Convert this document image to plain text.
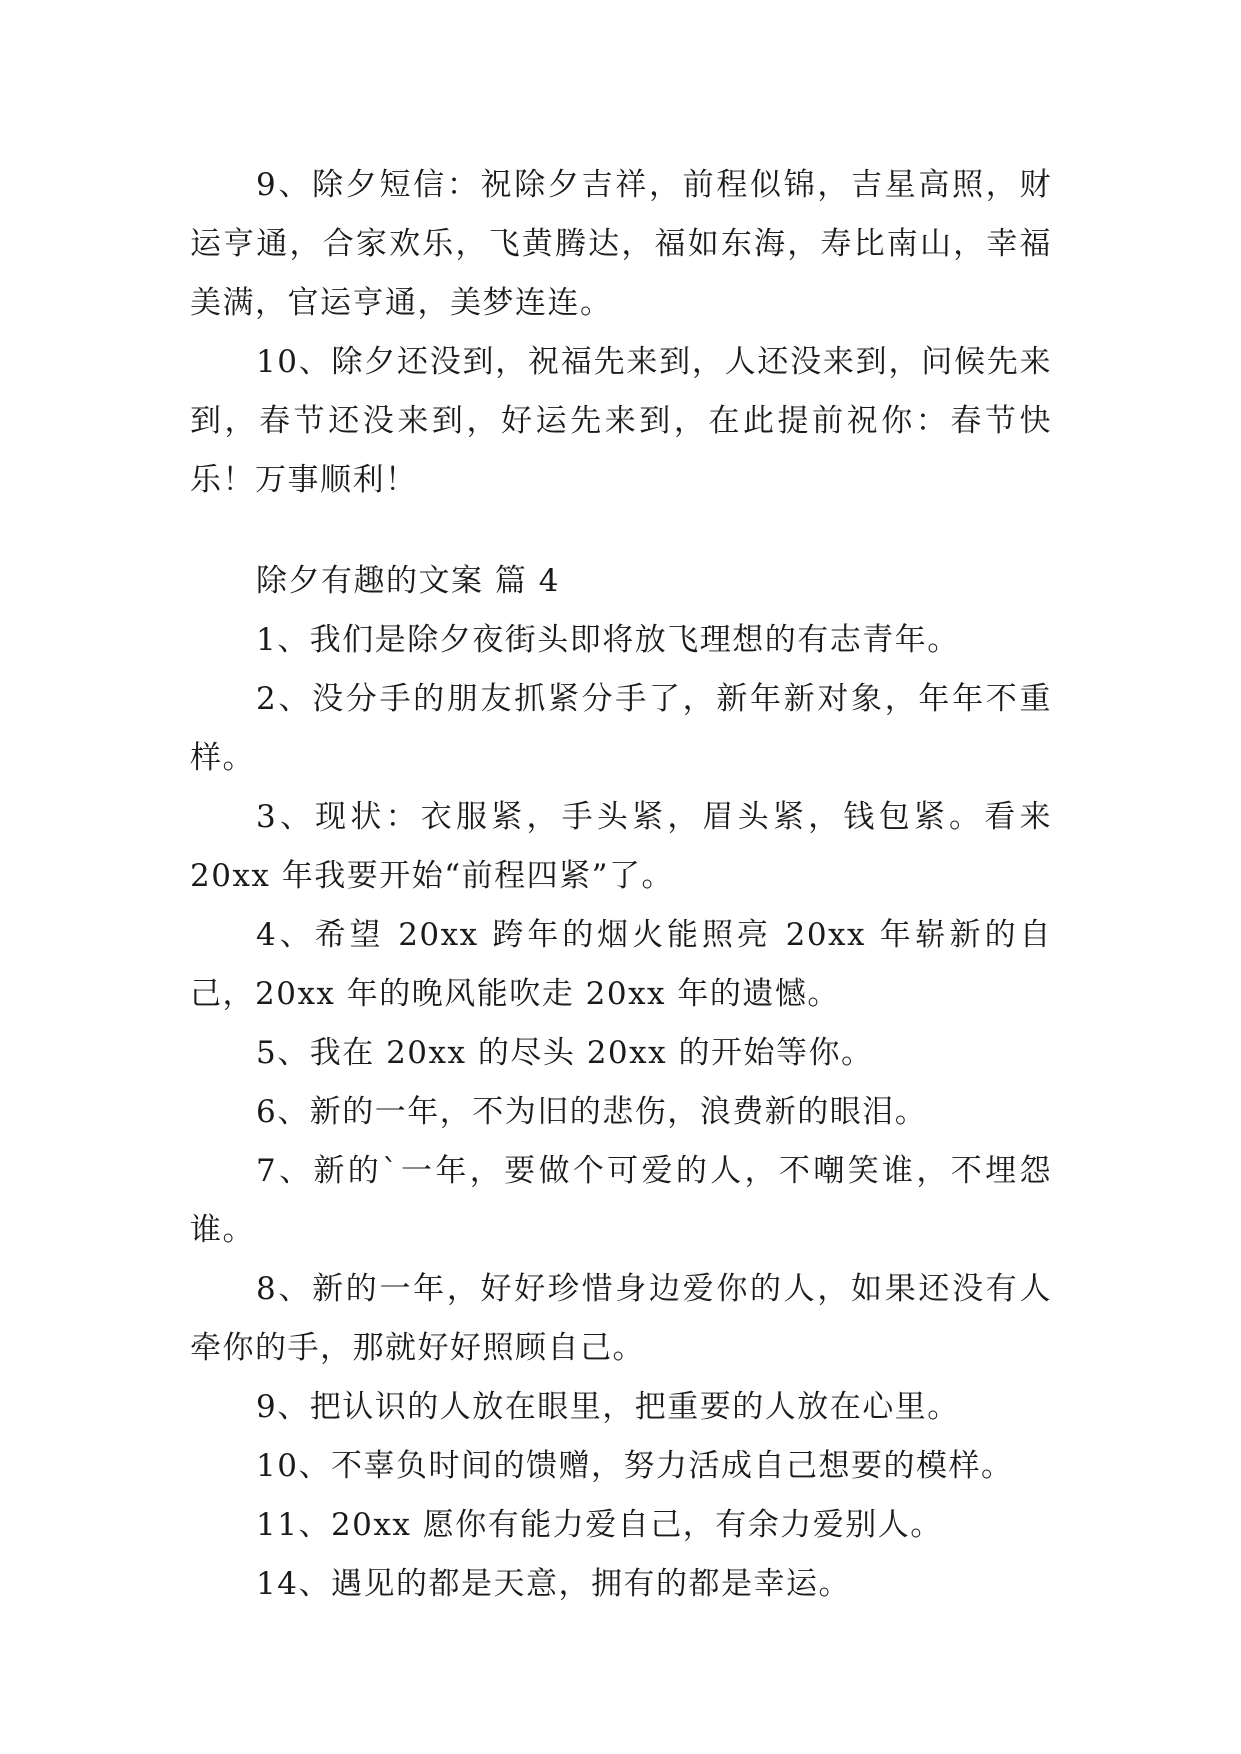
9、除夕短信：祝除夕吉祥，前程似锦，吉星高照，财运亨通，合家欢乐，飞黄腾达，福如东海，寿比南山，幸福美满，官运亨通，美梦连连。

10、除夕还没到，祝福先来到，人还没来到，问候先来到，春节还没来到，好运先来到，在此提前祝你：春节快乐！万事顺利！

除夕有趣的文案 篇 4

1、我们是除夕夜街头即将放飞理想的有志青年。

2、没分手的朋友抓紧分手了，新年新对象，年年不重样。

3、现状：衣服紧，手头紧，眉头紧，钱包紧。看来 20xx 年我要开始“前程四紧”了。

4、希望 20xx 跨年的烟火能照亮 20xx 年崭新的自己，20xx 年的晚风能吹走 20xx 年的遗憾。

5、我在 20xx 的尽头 20xx 的开始等你。

6、新的一年，不为旧的悲伤，浪费新的眼泪。

7、新的`一年，要做个可爱的人，不嘲笑谁，不埋怨谁。

8、新的一年，好好珍惜身边爱你的人，如果还没有人牵你的手，那就好好照顾自己。

9、把认识的人放在眼里，把重要的人放在心里。

10、不辜负时间的馈赠，努力活成自己想要的模样。

11、20xx 愿你有能力爱自己，有余力爱别人。

14、遇见的都是天意，拥有的都是幸运。
